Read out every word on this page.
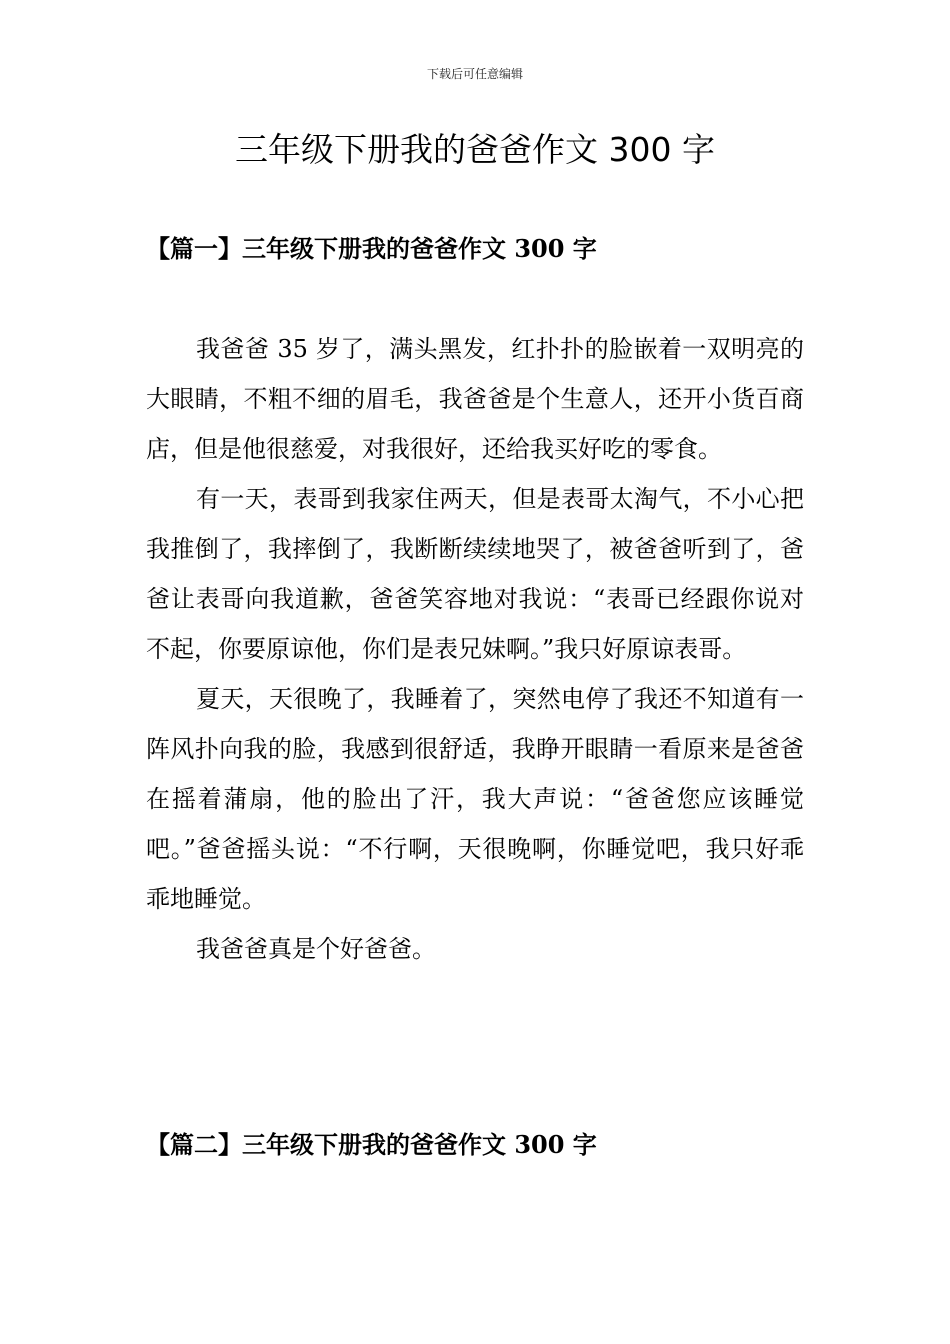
下载后可任意编辑
三年级下册我的爸爸作文 300 字
【篇一】三年级下册我的爸爸作文 300 字

我爸爸 35 岁了，满头黑发，红扑扑的脸嵌着一双明亮的大眼睛，不粗不细的眉毛，我爸爸是个生意人，还开小货百商店，但是他很慈爱，对我很好，还给我买好吃的零食。

有一天，表哥到我家住两天，但是表哥太淘气，不小心把我推倒了，我摔倒了，我断断续续地哭了，被爸爸听到了，爸爸让表哥向我道歉，爸爸笑容地对我说：“表哥已经跟你说对不起，你要原谅他，你们是表兄妹啊。”我只好原谅表哥。

夏天，天很晚了，我睡着了，突然电停了我还不知道有一阵风扑向我的脸，我感到很舒适，我睁开眼睛一看原来是爸爸在摇着蒲扇，他的脸出了汗，我大声说：“爸爸您应该睡觉吧。”爸爸摇头说：“不行啊，天很晚啊，你睡觉吧，我只好乖乖地睡觉。

我爸爸真是个好爸爸。

【篇二】三年级下册我的爸爸作文 300 字
